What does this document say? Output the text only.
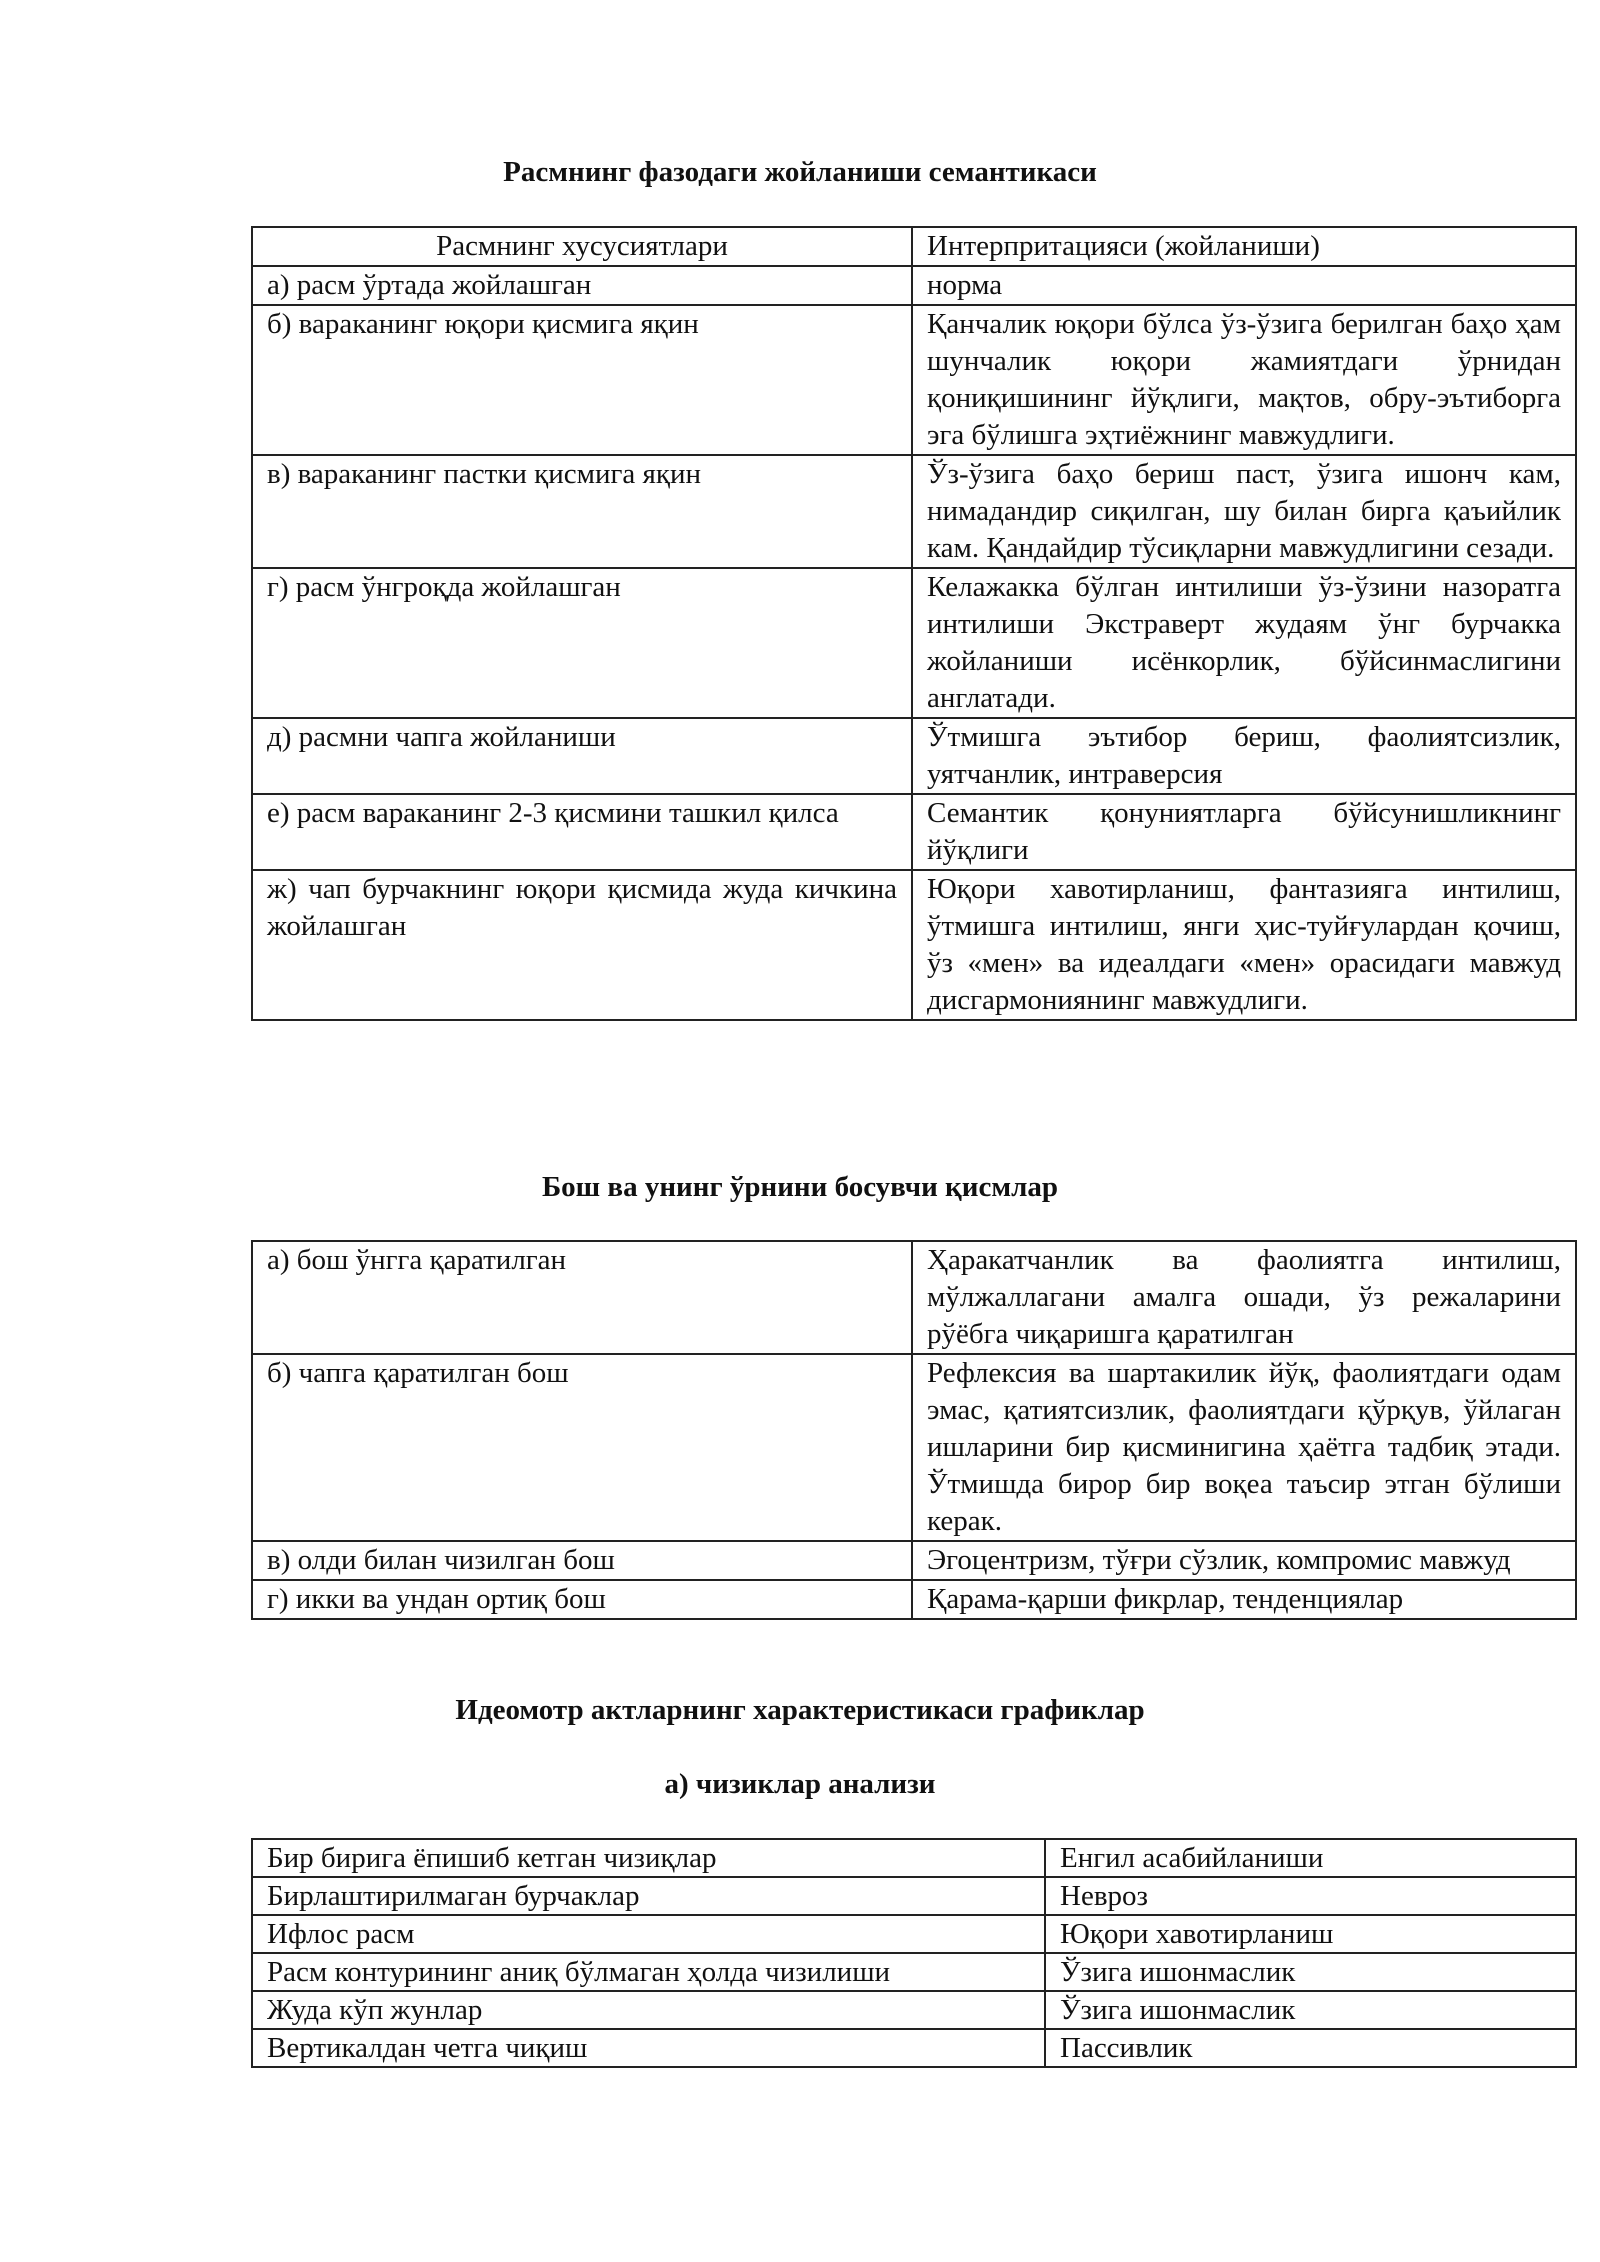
Расмнинг фазодаги жойланиши семантикаси
Расмнинг хусусиятлари	Интерпритацияси (жойланиши)
а) расм ўртада жойлашган	норма
б) вараканинг юқори қисмига яқин	Қанчалик юқори бўлса ўз-ўзига берилган баҳо ҳам шунчалик юқори жамиятдаги ўрнидан қониқишининг йўқлиги, мақтов, обру-эътиборга эга бўлишга эҳтиёжнинг мавжудлиги.
в) вараканинг пастки қисмига яқин	Ўз-ўзига баҳо бериш паст, ўзига ишонч кам, нимадандир сиқилган, шу билан бирга қаъийлик кам. Қандайдир тўсиқларни мавжудлигини сезади.
г) расм ўнгроқда жойлашган	Келажакка бўлган интилиши ўз-ўзини назоратга интилиши Экстраверт жудаям ўнг бурчакка жойланиши исёнкорлик, бўйсинмаслигини англатади.
д) расмни чапга жойланиши	Ўтмишга эътибор бериш, фаолиятсизлик, уятчанлик, интраверсия
е) расм вараканинг 2-3 қисмини ташкил қилса	Семантик қонуниятларга бўйсунишликнинг йўқлиги
ж) чап бурчакнинг юқори қисмида жуда кичкина жойлашган	Юқори хавотирланиш, фантазияга интилиш, ўтмишга интилиш, янги ҳис-туйғулардан қочиш, ўз «мен» ва идеалдаги «мен» орасидаги мавжуд дисгармониянинг мавжудлиги.
Бош ва унинг ўрнини босувчи қисмлар
а) бош ўнгга қаратилган	Ҳаракатчанлик ва фаолиятга интилиш, мўлжаллагани амалга ошади, ўз режаларини рўёбга чиқаришга қаратилган
б) чапга қаратилган бош	Рефлексия ва шартакилик йўқ, фаолиятдаги одам эмас, қатиятсизлик, фаолиятдаги қўрқув, ўйлаган ишларини бир қисминигина ҳаётга тадбиқ этади. Ўтмишда бирор бир воқеа таъсир этган бўлиши керак.
в) олди билан чизилган бош	Эгоцентризм, тўғри сўзлик, компромис мавжуд
г) икки ва ундан ортиқ бош	Қарама-қарши фикрлар, тенденциялар
Идеомотр актларнинг характеристикаси графиклар
а) чизиклар анализи
Бир бирига ёпишиб кетган чизиқлар	Енгил асабийланиши
Бирлаштирилмаган бурчаклар	Невроз
Ифлос расм	Юқори хавотирланиш
Расм контурининг аниқ бўлмаган ҳолда чизилиши	Ўзига ишонмаслик
Жуда кўп жунлар	Ўзига ишонмаслик
Вертикалдан четга чиқиш	Пассивлик
